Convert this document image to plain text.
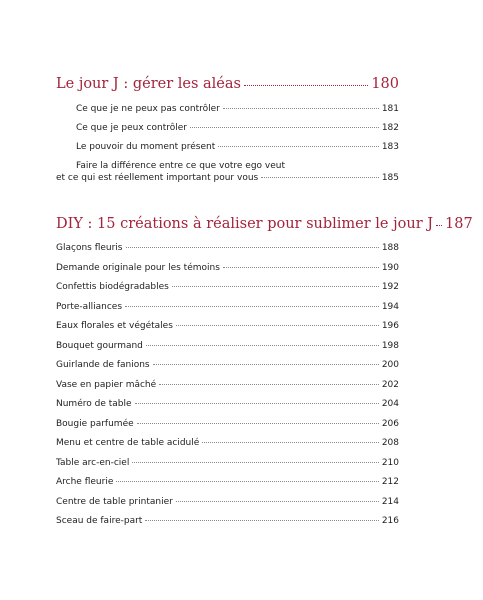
Le jour J : gérer les aléas	180
Ce que je ne peux pas contrôler	181
Ce que je peux contrôler	182
Le pouvoir du moment présent	183
Faire la différence entre ce que votre ego veut
et ce qui est réellement important pour vous	185
DIY : 15 créations à réaliser pour sublimer le jour J 187
Glaçons fleuris	188
Demande originale pour les témoins	190
Confettis biodégradables	192
Porte-alliances	194
Eaux florales et végétales	196
Bouquet gourmand	198
Guirlande de fanions	200
Vase en papier mâché	202
Numéro de table	204
Bougie parfumée	206
Menu et centre de table acidulé	208
Table arc-en-ciel	210
Arche fleurie	212
Centre de table printanier	214
Sceau de faire-part	216
